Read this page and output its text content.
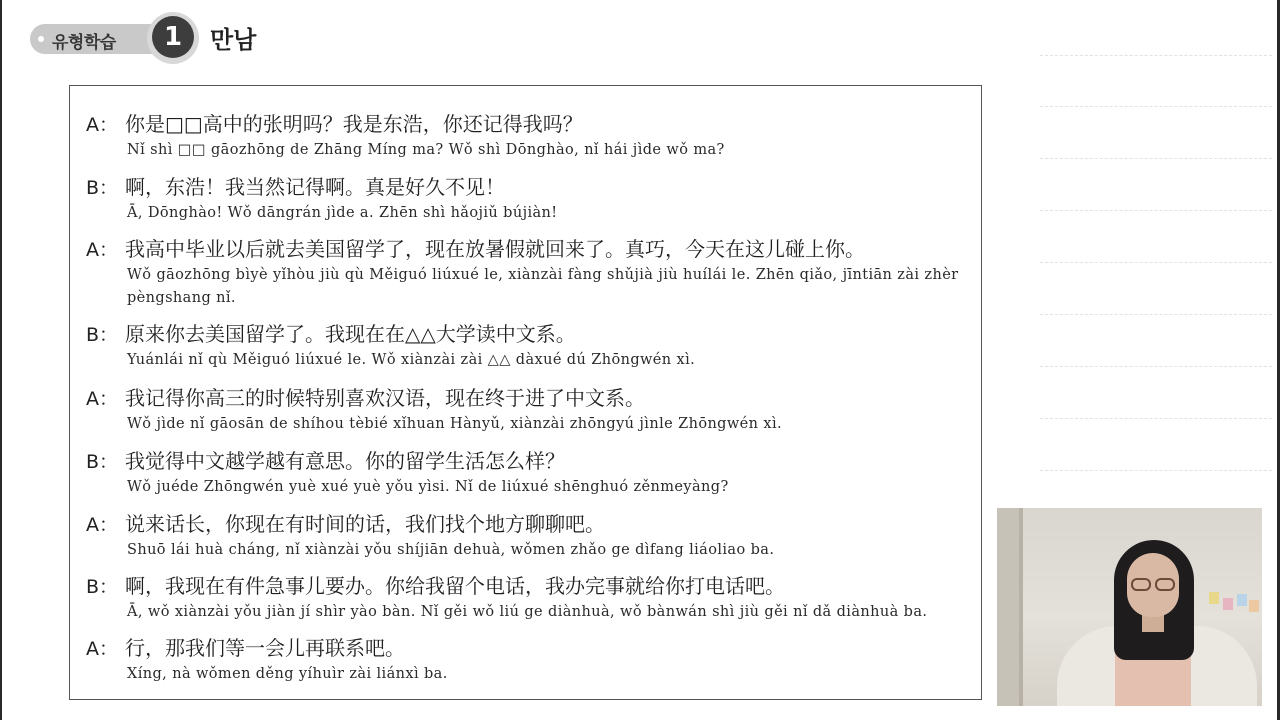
유형학습	1	만남
A： 你是□□高中的张明吗？我是东浩，你还记得我吗？
Nǐ shì □□ gāozhōng de Zhāng Míng ma? Wǒ shì Dōnghào, nǐ hái jìde wǒ ma?
B： 啊，东浩！我当然记得啊。真是好久不见！
Ā, Dōnghào! Wǒ dāngrán jìde a. Zhēn shì hǎojiǔ bújiàn!
A： 我高中毕业以后就去美国留学了，现在放暑假就回来了。真巧，今天在这儿碰上你。
Wǒ gāozhōng bìyè yǐhòu jiù qù Měiguó liúxué le, xiànzài fàng shǔjià jiù huílái le. Zhēn qiǎo, jīntiān zài zhèr pèngshang nǐ.
B： 原来你去美国留学了。我现在在△△大学读中文系。
Yuánlái nǐ qù Měiguó liúxué le. Wǒ xiànzài zài △△ dàxué dú Zhōngwén xì.
A： 我记得你高三的时候特别喜欢汉语，现在终于进了中文系。
Wǒ jìde nǐ gāosān de shíhou tèbié xǐhuan Hànyǔ, xiànzài zhōngyú jìnle Zhōngwén xì.
B： 我觉得中文越学越有意思。你的留学生活怎么样？
Wǒ juéde Zhōngwén yuè xué yuè yǒu yìsi. Nǐ de liúxué shēnghuó zěnmeyàng?
A： 说来话长，你现在有时间的话，我们找个地方聊聊吧。
Shuō lái huà cháng, nǐ xiànzài yǒu shíjiān dehuà, wǒmen zhǎo ge dìfang liáoliao ba.
B： 啊，我现在有件急事儿要办。你给我留个电话，我办完事就给你打电话吧。
Ā, wǒ xiànzài yǒu jiàn jí shìr yào bàn. Nǐ gěi wǒ liú ge diànhuà, wǒ bànwán shì jiù gěi nǐ dǎ diànhuà ba.
A： 行，那我们等一会儿再联系吧。
Xíng, nà wǒmen děng yíhuìr zài liánxì ba.
